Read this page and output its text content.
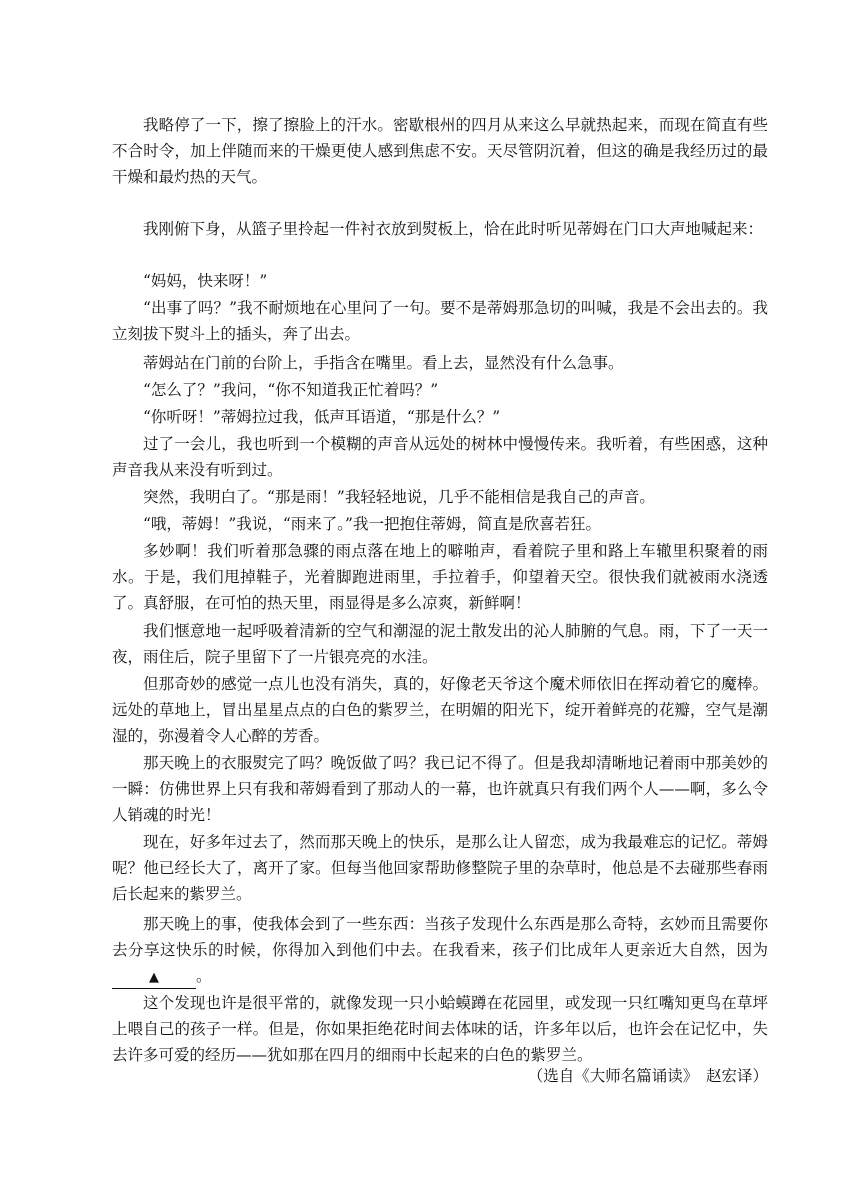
我略停了一下，擦了擦脸上的汗水。密歇根州的四月从来这么早就热起来，而现在简直有些不合时令，加上伴随而来的干燥更使人感到焦虑不安。天尽管阴沉着，但这的确是我经历过的最干燥和最灼热的天气。

我刚俯下身，从篮子里拎起一件衬衣放到熨板上，恰在此时听见蒂姆在门口大声地喊起来：

“妈妈，快来呀！”

“出事了吗？”我不耐烦地在心里问了一句。要不是蒂姆那急切的叫喊，我是不会出去的。我立刻拔下熨斗上的插头，奔了出去。

蒂姆站在门前的台阶上，手指含在嘴里。看上去，显然没有什么急事。

“怎么了？”我问，“你不知道我正忙着吗？”

“你听呀！”蒂姆拉过我，低声耳语道，“那是什么？”

过了一会儿，我也听到一个模糊的声音从远处的树林中慢慢传来。我听着，有些困惑，这种声音我从来没有听到过。

突然，我明白了。“那是雨！”我轻轻地说，几乎不能相信是我自己的声音。

“哦，蒂姆！”我说，“雨来了。”我一把抱住蒂姆，简直是欣喜若狂。

多妙啊！我们听着那急骤的雨点落在地上的噼啪声，看着院子里和路上车辙里积聚着的雨水。于是，我们甩掉鞋子，光着脚跑进雨里，手拉着手，仰望着天空。很快我们就被雨水浇透了。真舒服，在可怕的热天里，雨显得是多么凉爽，新鲜啊！

我们惬意地一起呼吸着清新的空气和潮湿的泥土散发出的沁人肺腑的气息。雨，下了一天一夜，雨住后，院子里留下了一片银亮亮的水洼。

但那奇妙的感觉一点儿也没有消失，真的，好像老天爷这个魔术师依旧在挥动着它的魔棒。远处的草地上，冒出星星点点的白色的紫罗兰，在明媚的阳光下，绽开着鲜亮的花瓣，空气是潮湿的，弥漫着令人心醉的芳香。

那天晚上的衣服熨完了吗？晚饭做了吗？我已记不得了。但是我却清晰地记着雨中那美妙的一瞬：仿佛世界上只有我和蒂姆看到了那动人的一幕，也许就真只有我们两个人——啊，多么令人销魂的时光！

现在，好多年过去了，然而那天晚上的快乐，是那么让人留恋，成为我最难忘的记忆。蒂姆呢？他已经长大了，离开了家。但每当他回家帮助修整院子里的杂草时，他总是不去碰那些春雨后长起来的紫罗兰。

那天晚上的事，使我体会到了一些东西：当孩子发现什么东西是那么奇特，玄妙而且需要你去分享这快乐的时候，你得加入到他们中去。在我看来，孩子们比成年人更亲近大自然，因为▲ 。

这个发现也许是很平常的，就像发现一只小蛤蟆蹲在花园里，或发现一只红嘴知更鸟在草坪上喂自己的孩子一样。但是，你如果拒绝花时间去体味的话，许多年以后，也许会在记忆中，失去许多可爱的经历——犹如那在四月的细雨中长起来的白色的紫罗兰。

（选自《大师名篇诵读》　赵宏译）
